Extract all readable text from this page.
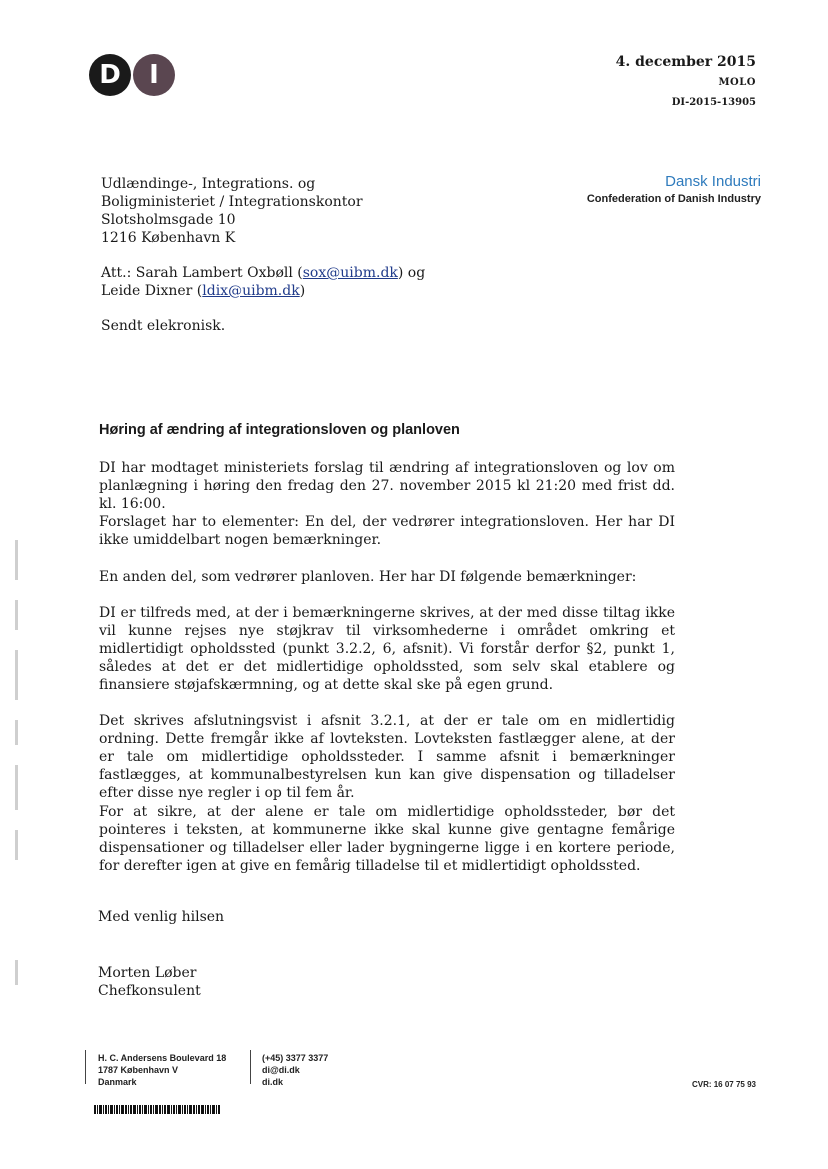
D	I	4. december 2015
MOLO
DI-2015-13905
Dansk Industri
Confederation of Danish Industry
Udlændinge-, Integrations. og
Boligministeriet / Integrationskontor
Slotsholmsgade 10
1216 København K
Att.: Sarah Lambert Oxbøll (sox@uibm.dk) og
Leide Dixner (ldix@uibm.dk)
Sendt elekronisk.
Høring af ændring af integrationsloven og planloven

DI har modtaget ministeriets forslag til ændring af integrationsloven og lov om planlægning i høring den fredag den 27. november 2015 kl 21:20 med frist dd. kl. 16:00.

Forslaget har to elementer: En del, der vedrører integrationsloven. Her har DI ikke umiddelbart nogen bemærkninger.

En anden del, som vedrører planloven. Her har DI følgende bemærkninger:

DI er tilfreds med, at der i bemærkningerne skrives, at der med disse tiltag ikke vil kunne rejses nye støjkrav til virksomhederne i området omkring et midlertidigt opholdssted (punkt 3.2.2, 6, afsnit). Vi forstår derfor §2, punkt 1, således at det er det midlertidige opholdssted, som selv skal etablere og finansiere støjafskærmning, og at dette skal ske på egen grund.

Det skrives afslutningsvist i afsnit 3.2.1, at der er tale om en midlertidig ordning. Dette fremgår ikke af lovteksten. Lovteksten fastlægger alene, at der er tale om midlertidige opholdssteder. I samme afsnit i bemærkninger fastlægges, at kommunalbestyrelsen kun kan give dispensation og tilladelser efter disse nye regler i op til fem år.

For at sikre, at der alene er tale om midlertidige opholdssteder, bør det pointeres i teksten, at kommunerne ikke skal kunne give gentagne femårige dispensationer og tilladelser eller lader bygningerne ligge i en kortere periode, for derefter igen at give en femårig tilladelse til et midlertidigt opholdssted.

Med venlig hilsen
Morten Løber
Chefkonsulent
H. C. Andersens Boulevard 18
1787 København V
Danmark
(+45) 3377 3377
di@di.dk
di.dk	CVR: 16 07 75 93
